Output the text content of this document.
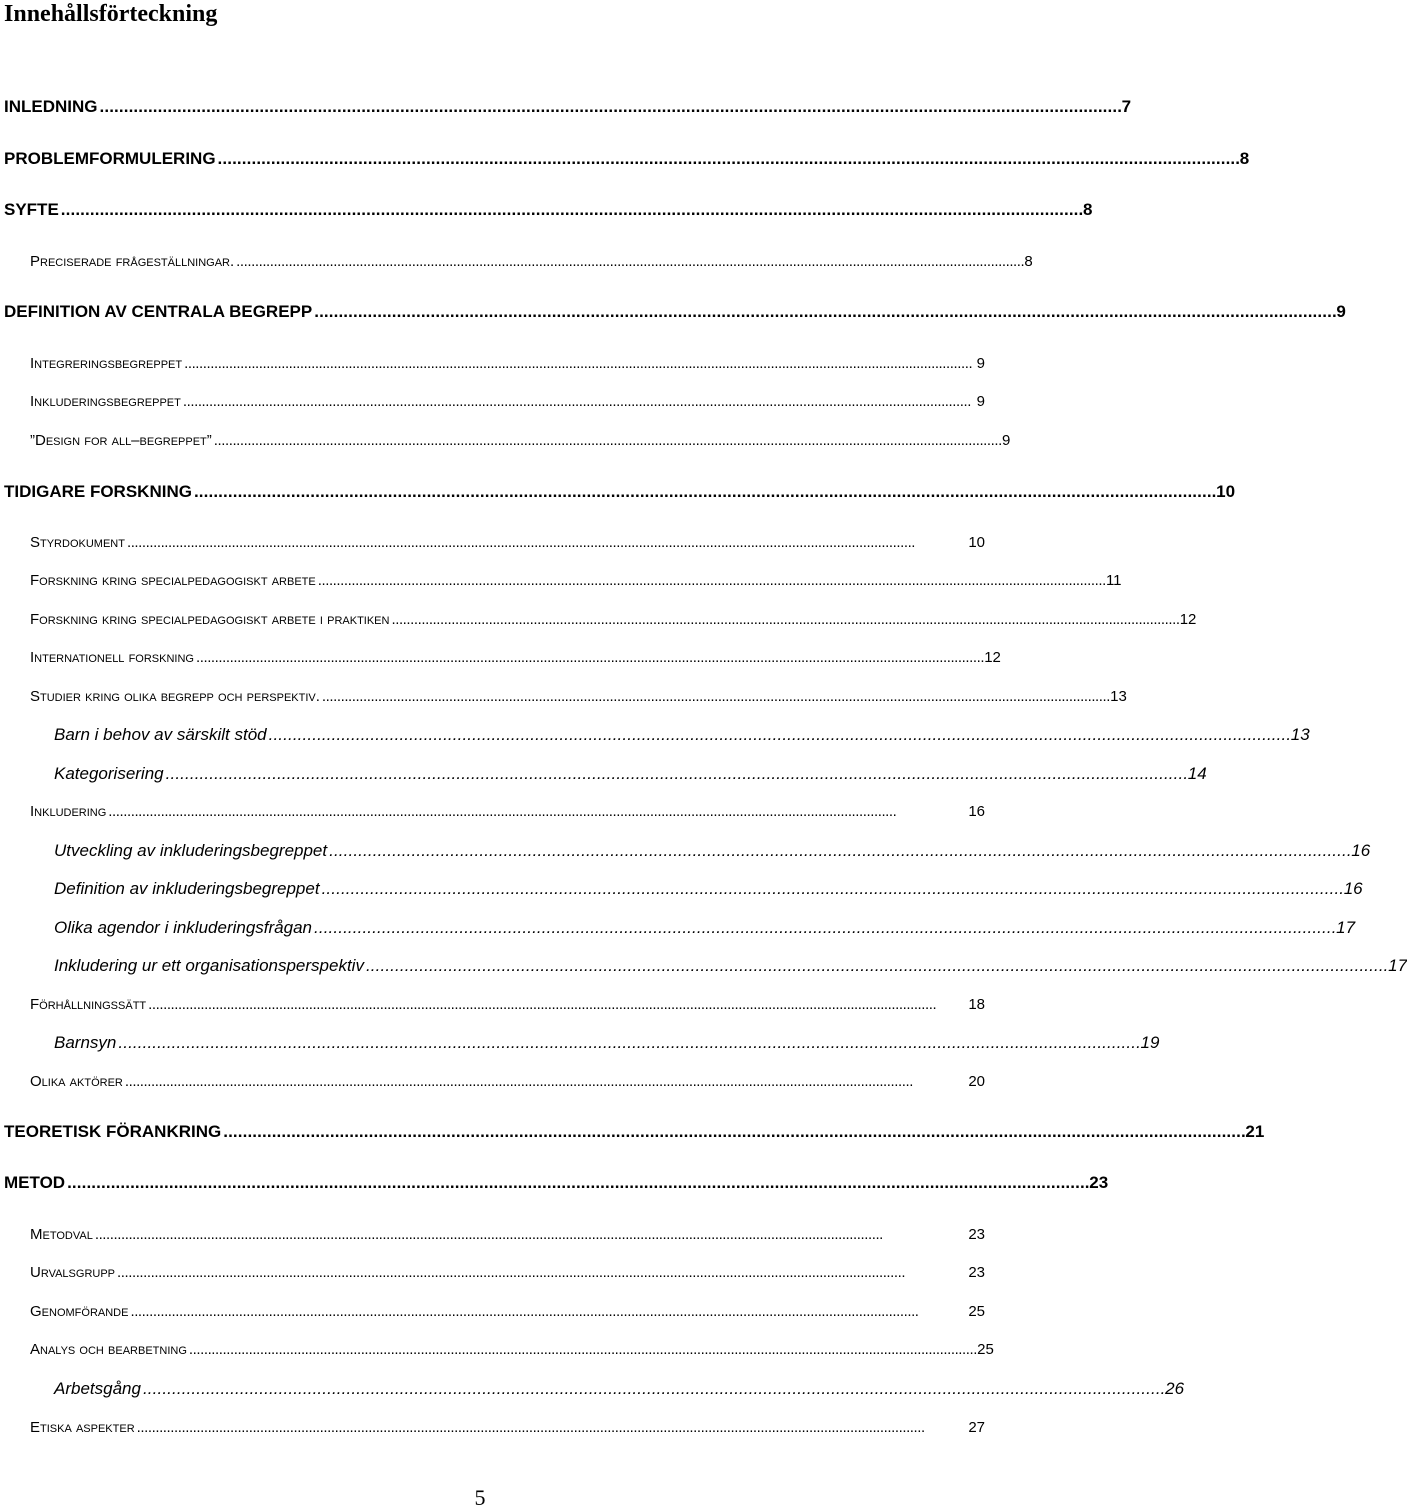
Innehållsförteckning
INLEDNING . . .	7
PROBLEMFORMULERING . . .	8
SYFTE . . .	8
Preciserade frågeställningar. . . .	8
DEFINITION AV CENTRALA BEGREPP . . .	9
Integreringsbegreppet . . .	9
Inkluderingsbegreppet . . .	9
”Design for all–begreppet” . . .	9
TIDIGARE FORSKNING . . .	10
Styrdokument . . .	10
Forskning kring specialpedagogiskt arbete . . .	11
Forskning kring specialpedagogiskt arbete i praktiken . . .	12
Internationell forskning . . .	12
Studier kring olika begrepp och perspektiv. . . .	13
Barn i behov av särskilt stöd . . .	13
Kategorisering . . .	14
Inkludering . . .	16
Utveckling av inkluderingsbegreppet . . .	16
Definition av inkluderingsbegreppet . . .	16
Olika agendor i inkluderingsfrågan . . .	17
Inkludering ur ett organisationsperspektiv . . .	17
Förhållningssätt . . .	18
Barnsyn . . .	19
Olika aktörer . . .	20
TEORETISK FÖRANKRING . . .	21
METOD . . .	23
Metodval . . .	23
Urvalsgrupp . . .	23
Genomförande . . .	25
Analys och bearbetning . . .	25
Arbetsgång . . .	26
Etiska aspekter . . .	27
5
